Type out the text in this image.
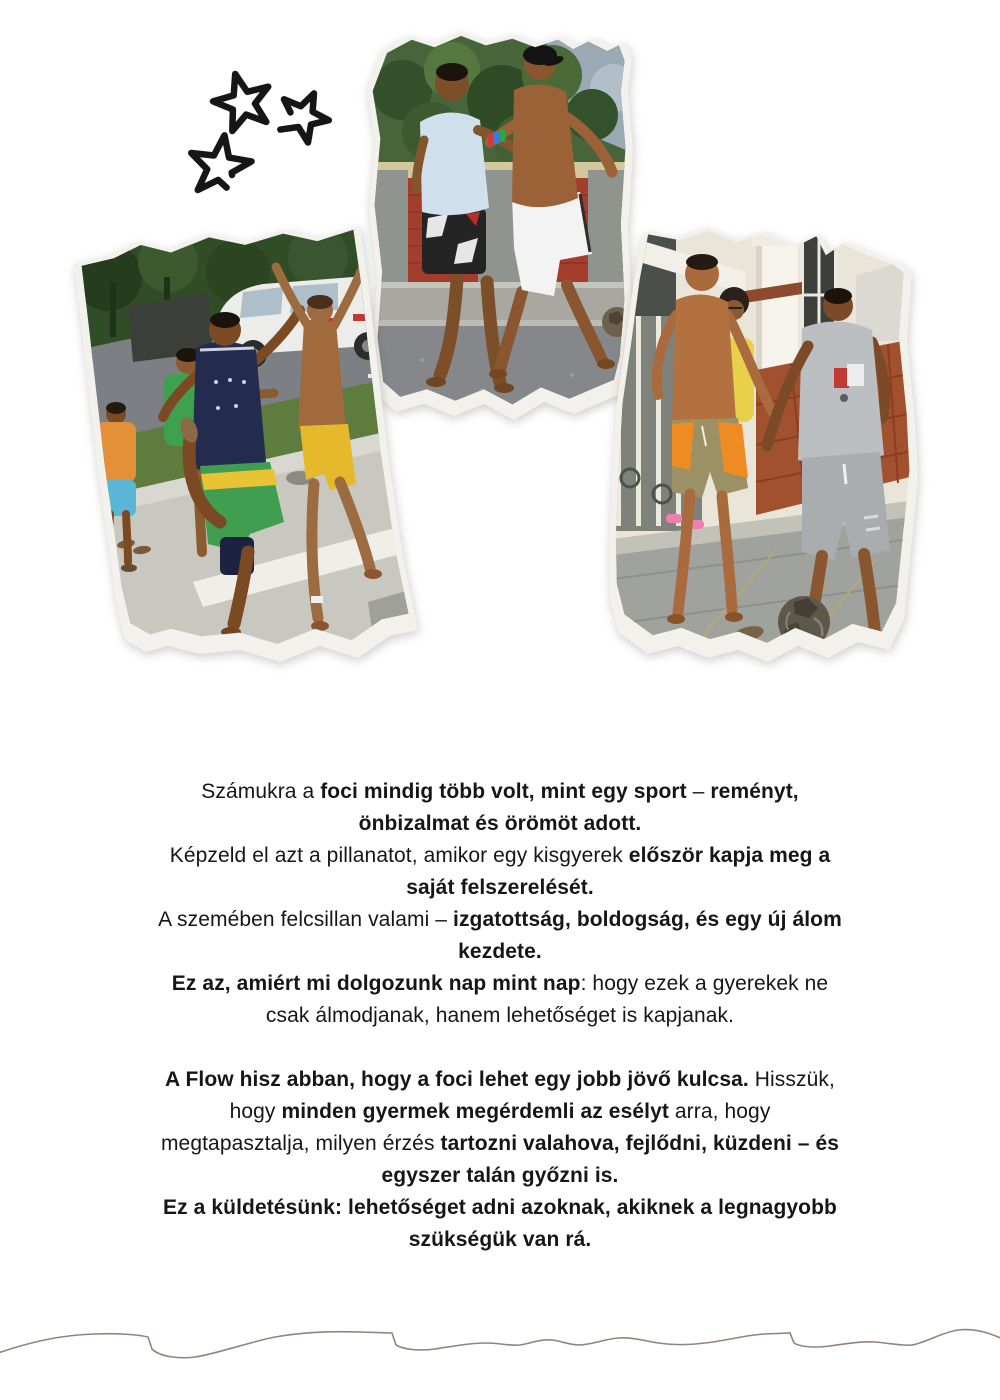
Számukra a foci mindig több volt, mint egy sport – reményt,
önbizalmat és örömöt adott.
Képzeld el azt a pillanatot, amikor egy kisgyerek először kapja meg a
saját felszerelését.
A szemében felcsillan valami – izgatottság, boldogság, és egy új álom
kezdete.
Ez az, amiért mi dolgozunk nap mint nap: hogy ezek a gyerekek ne
csak álmodjanak, hanem lehetőséget is kapjanak.
A Flow hisz abban, hogy a foci lehet egy jobb jövő kulcsa. Hisszük,
hogy minden gyermek megérdemli az esélyt arra, hogy
megtapasztalja, milyen érzés tartozni valahova, fejlődni, küzdeni – és
egyszer talán győzni is.
Ez a küldetésünk: lehetőséget adni azoknak, akiknek a legnagyobb
szükségük van rá.
